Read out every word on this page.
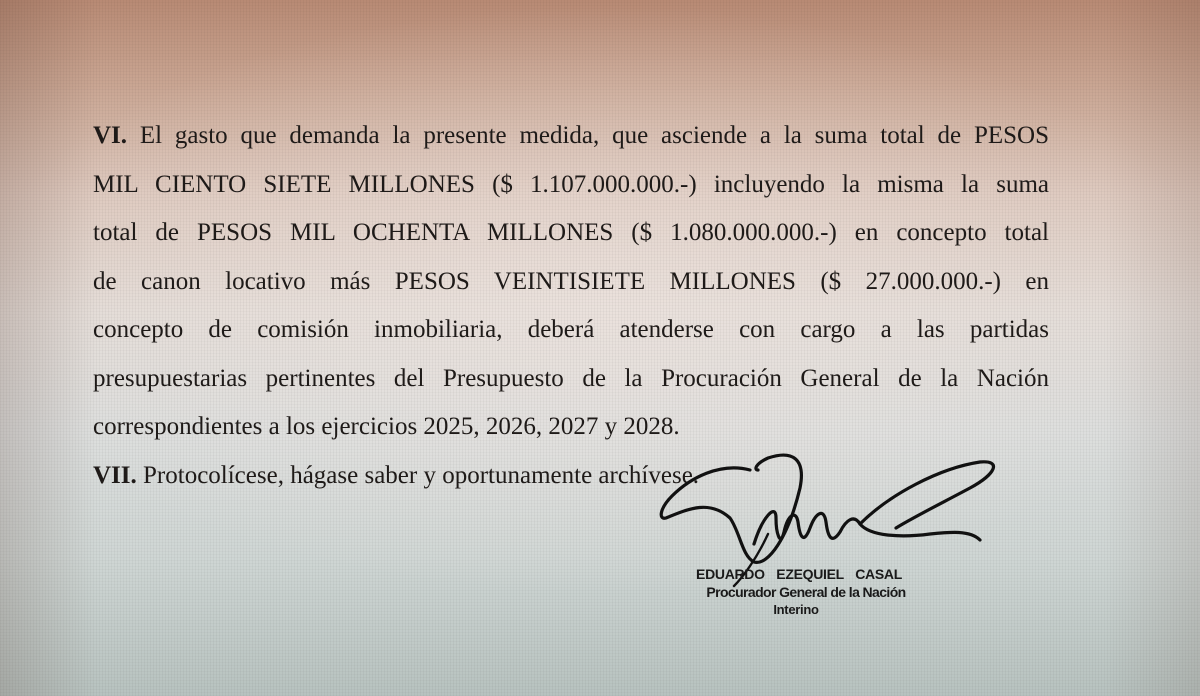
VI. El gasto que demanda la presente medida, que asciende a la suma total de PESOS
MIL CIENTO SIETE MILLONES ($ 1.107.000.000.-) incluyendo la misma la suma
total de PESOS MIL OCHENTA MILLONES ($ 1.080.000.000.-) en concepto total
de canon locativo más PESOS VEINTISIETE MILLONES ($ 27.000.000.-) en
concepto de comisión inmobiliaria, deberá atenderse con cargo a las partidas
presupuestarias pertinentes del Presupuesto de la Procuración General de la Nación
correspondientes a los ejercicios 2025, 2026, 2027 y 2028.
VII. Protocolícese, hágase saber y oportunamente archívese.
EDUARDO EZEQUIEL CASAL
Procurador General de la Nación
Interino
